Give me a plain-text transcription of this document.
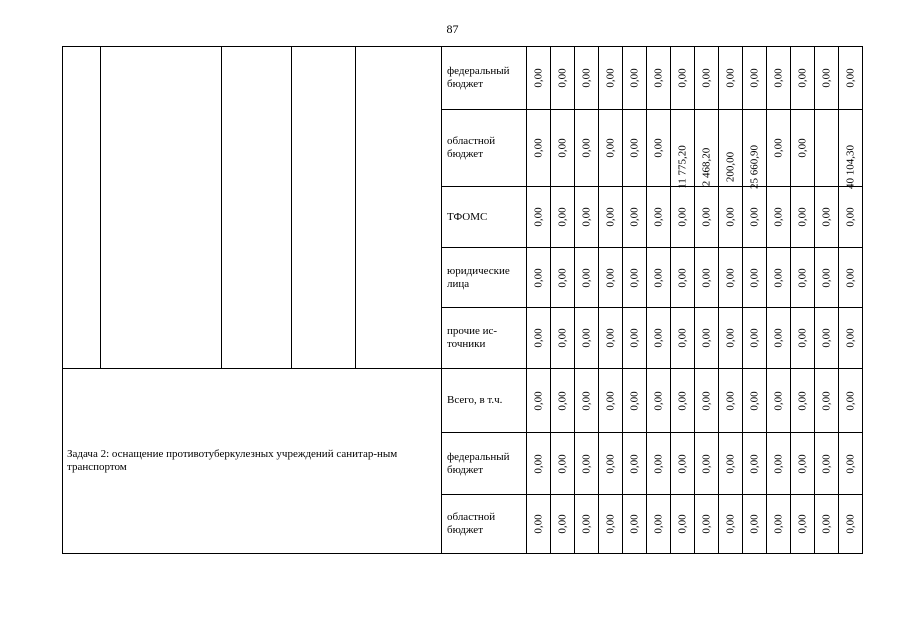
87
					федеральный бюджет	0,00	0,00	0,00	0,00	0,00	0,00	0,00	0,00	0,00	0,00	0,00	0,00	0,00	0,00

					областной бюджет	0,00	0,00	0,00	0,00	0,00	0,00	11 775,20	2 468,20	200,00	25 660,90	0,00	0,00		40 104,30

					ТФОМС	0,00	0,00	0,00	0,00	0,00	0,00	0,00	0,00	0,00	0,00	0,00	0,00	0,00	0,00

					юридические лица	0,00	0,00	0,00	0,00	0,00	0,00	0,00	0,00	0,00	0,00	0,00	0,00	0,00	0,00

					прочие ис-точники	0,00	0,00	0,00	0,00	0,00	0,00	0,00	0,00	0,00	0,00	0,00	0,00	0,00	0,00

Задача 2: оснащение противотуберкулезных учреждений санитар-ным транспортом					Всего, в т.ч.	0,00	0,00	0,00	0,00	0,00	0,00	0,00	0,00	0,00	0,00	0,00	0,00	0,00	0,00

					федеральный бюджет	0,00	0,00	0,00	0,00	0,00	0,00	0,00	0,00	0,00	0,00	0,00	0,00	0,00	0,00

					областной бюджет	0,00	0,00	0,00	0,00	0,00	0,00	0,00	0,00	0,00	0,00	0,00	0,00	0,00	0,00
